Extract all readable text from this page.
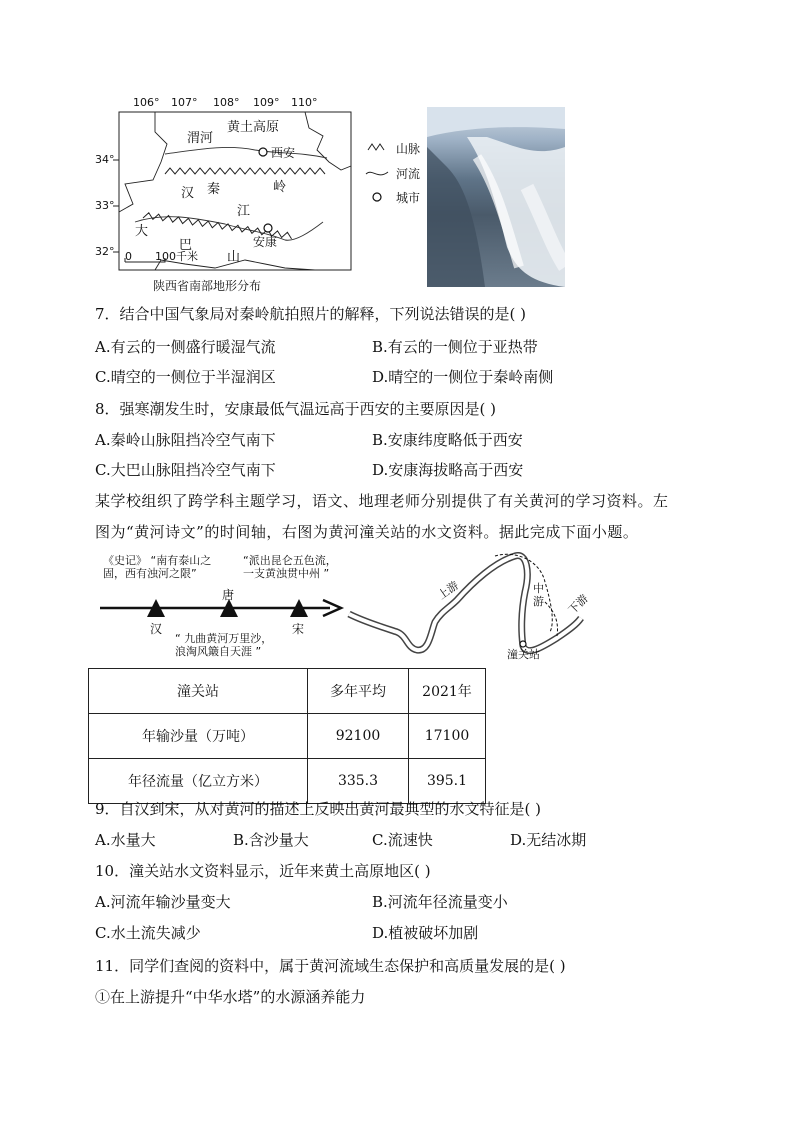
106° 107° 108° 109° 110°
34°
33°
32°
黄土高原
渭河
西安
汉 秦	岭
江
大
巴
山
安康
0 100千米
陕西省南部地形分布
山脉
河流
城市
7．结合中国气象局对秦岭航拍照片的解释，下列说法错误的是( )
A.有云的一侧盛行暖湿气流	B.有云的一侧位于亚热带
C.晴空的一侧位于半湿润区	D.晴空的一侧位于秦岭南侧
8．强寒潮发生时，安康最低气温远高于西安的主要原因是( )
A.秦岭山脉阻挡冷空气南下	B.安康纬度略低于西安
C.大巴山脉阻挡冷空气南下	D.安康海拔略高于西安
某学校组织了跨学科主题学习，语文、地理老师分别提供了有关黄河的学习资料。左
图为“黄河诗文”的时间轴，右图为黄河潼关站的水文资料。据此完成下面小题。
《史记》 “南有泰山之
固，西有浊河之限”
“派出昆仑五色流，
一支黄浊贯中州 ”
汉
唐
宋
“ 九曲黄河万里沙，
浪淘风簸自天涯 ”
上游	中
游 下游
潼关站
潼关站	多年平均	2021年
年输沙量（万吨）	92100	17100
年径流量（亿立方米）	335.3	395.1
9．自汉到宋，从对黄河的描述上反映出黄河最典型的水文特征是( )
A.水量大	B.含沙量大	C.流速快	D.无结冰期
10．潼关站水文资料显示，近年来黄土高原地区( )
A.河流年输沙量变大	B.河流年径流量变小
C.水土流失减少	D.植被破坏加剧
11．同学们查阅的资料中，属于黄河流域生态保护和高质量发展的是( )
①在上游提升“中华水塔”的水源涵养能力
